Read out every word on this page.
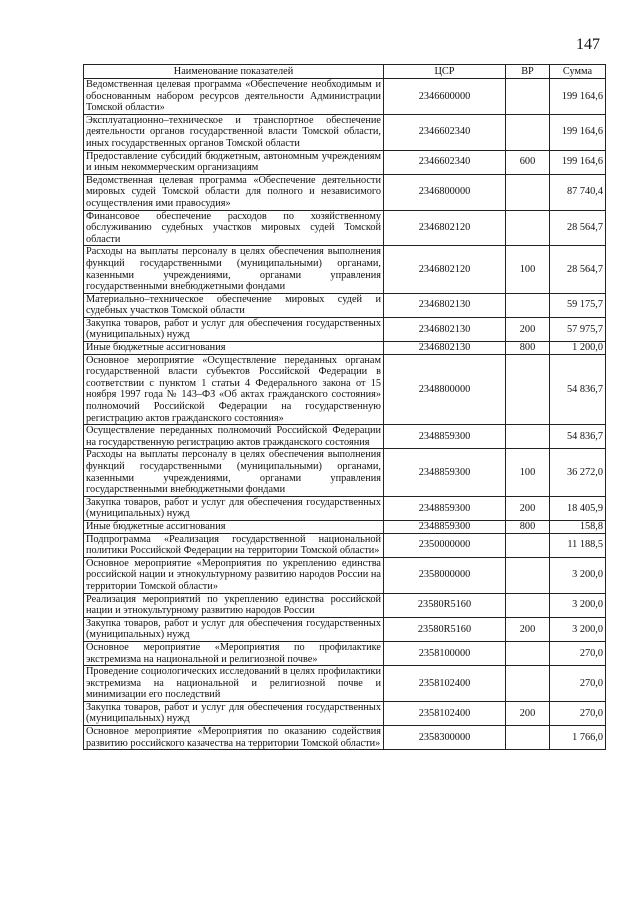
147
Наименование показателей	ЦСР	ВР	Сумма
Ведомственная целевая программа «Обеспечение необходимым и обоснованным набором ресурсов деятельности Администрации Томской области»	2346600000		199 164,6
Эксплуатационно–техническое и транспортное обеспечение деятельности органов государственной власти Томской области, иных государственных органов Томской области	2346602340		199 164,6
Предоставление субсидий бюджетным, автономным учреждениям и иным некоммерческим организациям	2346602340	600	199 164,6
Ведомственная целевая программа «Обеспечение деятельности мировых судей Томской области для полного и независимого осуществления ими правосудия»	2346800000		87 740,4
Финансовое обеспечение расходов по хозяйственному обслуживанию судебных участков мировых судей Томской области	2346802120		28 564,7
Расходы на выплаты персоналу в целях обеспечения выполнения функций государственными (муниципальными) органами, казенными учреждениями, органами управления государственными внебюджетными фондами	2346802120	100	28 564,7
Материально–техническое обеспечение мировых судей и судебных участков Томской области	2346802130		59 175,7
Закупка товаров, работ и услуг для обеспечения государственных (муниципальных) нужд	2346802130	200	57 975,7
Иные бюджетные ассигнования	2346802130	800	1 200,0
Основное мероприятие «Осуществление переданных органам государственной власти субъектов Российской Федерации в соответствии с пунктом 1 статьи 4 Федерального закона от 15 ноября 1997 года № 143–ФЗ «Об актах гражданского состояния» полномочий Российской Федерации на государственную регистрацию актов гражданского состояния»	2348800000		54 836,7
Осуществление переданных полномочий Российской Федерации на государственную регистрацию актов гражданского состояния	2348859300		54 836,7
Расходы на выплаты персоналу в целях обеспечения выполнения функций государственными (муниципальными) органами, казенными учреждениями, органами управления государственными внебюджетными фондами	2348859300	100	36 272,0
Закупка товаров, работ и услуг для обеспечения государственных (муниципальных) нужд	2348859300	200	18 405,9
Иные бюджетные ассигнования	2348859300	800	158,8
Подпрограмма «Реализация государственной национальной политики Российской Федерации на территории Томской области»	2350000000		11 188,5
Основное мероприятие «Мероприятия по укреплению единства российской нации и этнокультурному развитию народов России на территории Томской области»	2358000000		3 200,0
Реализация мероприятий по укреплению единства российской нации и этнокультурному развитию народов России	23580R5160		3 200,0
Закупка товаров, работ и услуг для обеспечения государственных (муниципальных) нужд	23580R5160	200	3 200,0
Основное мероприятие «Мероприятия по профилактике экстремизма на национальной и религиозной почве»	2358100000		270,0
Проведение социологических исследований в целях профилактики экстремизма на национальной и религиозной почве и минимизации его последствий	2358102400		270,0
Закупка товаров, работ и услуг для обеспечения государственных (муниципальных) нужд	2358102400	200	270,0
Основное мероприятие «Мероприятия по оказанию содействия развитию российского казачества на территории Томской области»	2358300000		1 766,0
